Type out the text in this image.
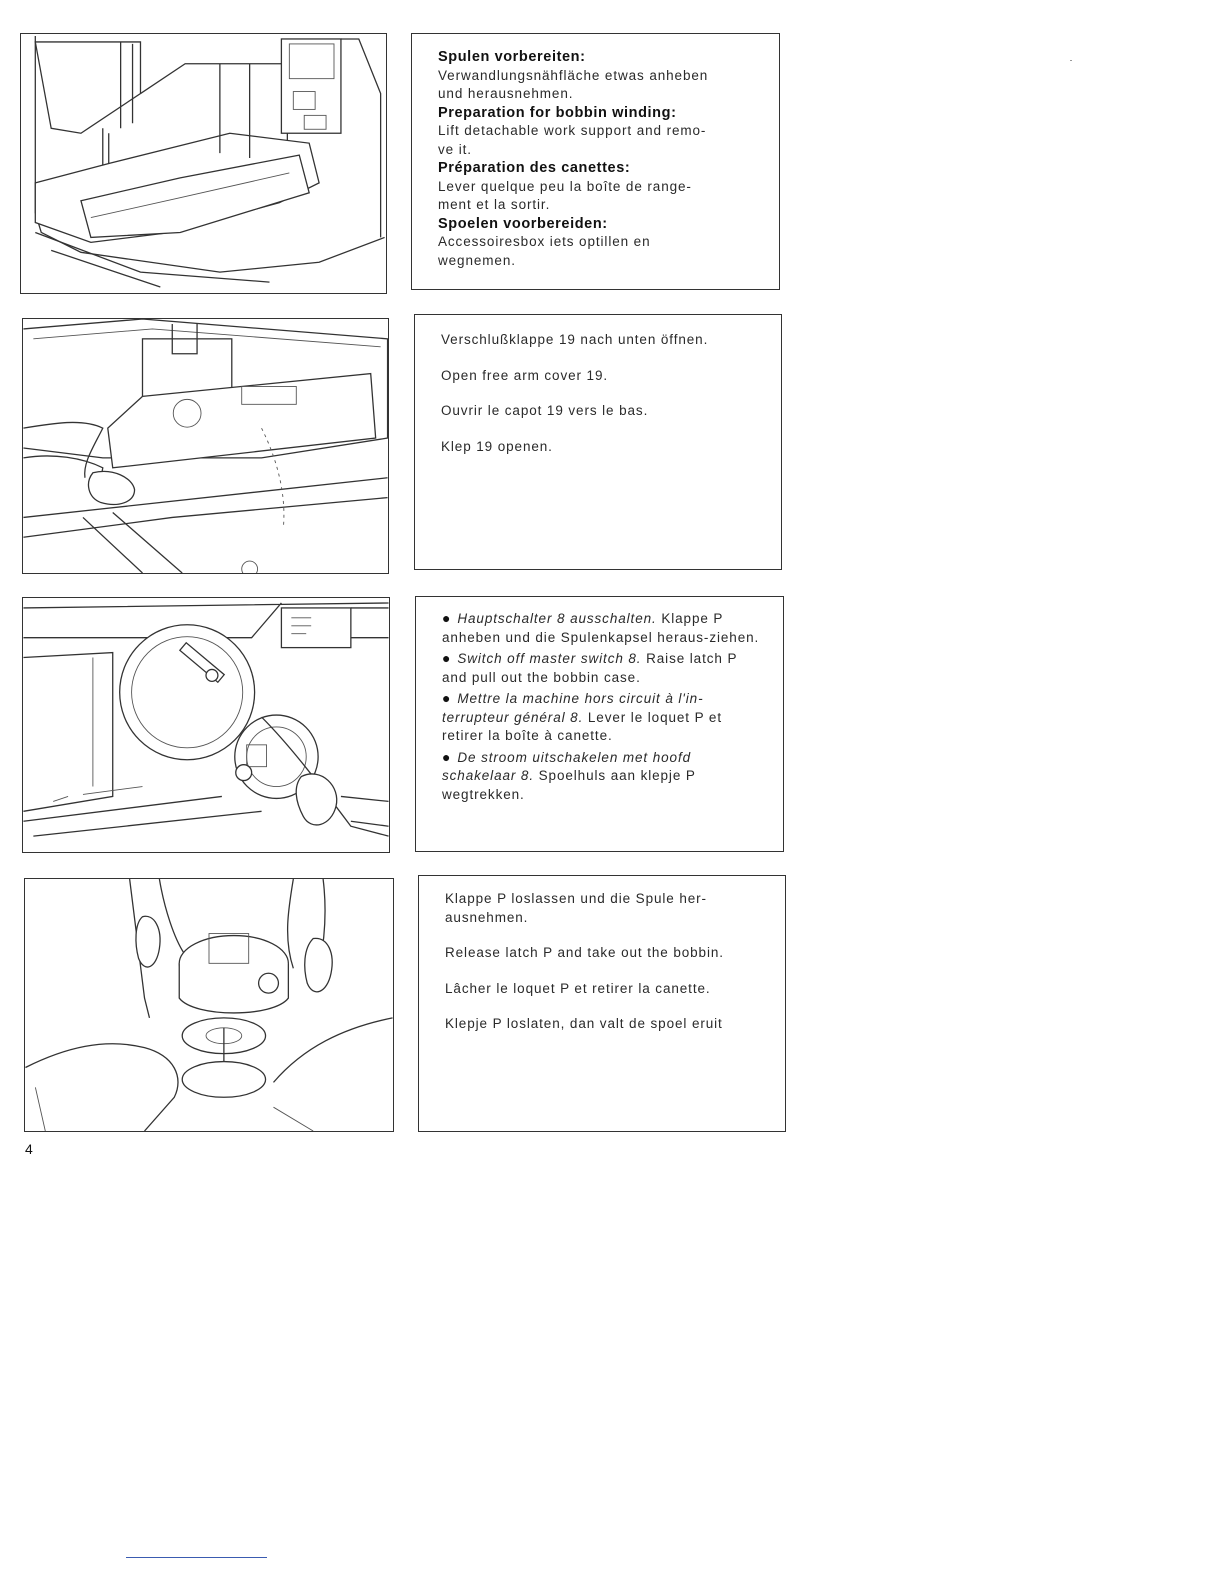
Spulen vorbereiten:

Verwandlungsnähfläche etwas anheben

und herausnehmen.

Preparation for bobbin winding:

Lift detachable work support and remo-

ve it.

Préparation des canettes:

Lever quelque peu la boîte de range-

ment et la sortir.

Spoelen voorbereiden:

Accessoiresbox iets optillen en

wegnemen.

Verschlußklappe 19 nach unten öffnen.

Open free arm cover 19.

Ouvrir le capot 19 vers le bas.

Klep 19 openen.

● Hauptschalter 8 ausschalten. Klappe P anheben und die Spulenkapsel heraus-ziehen.

● Switch off master switch 8. Raise latch P and pull out the bobbin case.

● Mettre la machine hors circuit à l'in-terrupteur général 8. Lever le loquet P et retirer la boîte à canette.

● De stroom uitschakelen met hoofd schakelaar 8. Spoelhuls aan klepje P wegtrekken.

Klappe P loslassen und die Spule her-ausnehmen.

Release latch P and take out the bobbin.

Lâcher le loquet P et retirer la canette.

Klepje P loslaten, dan valt de spoel eruit

4
